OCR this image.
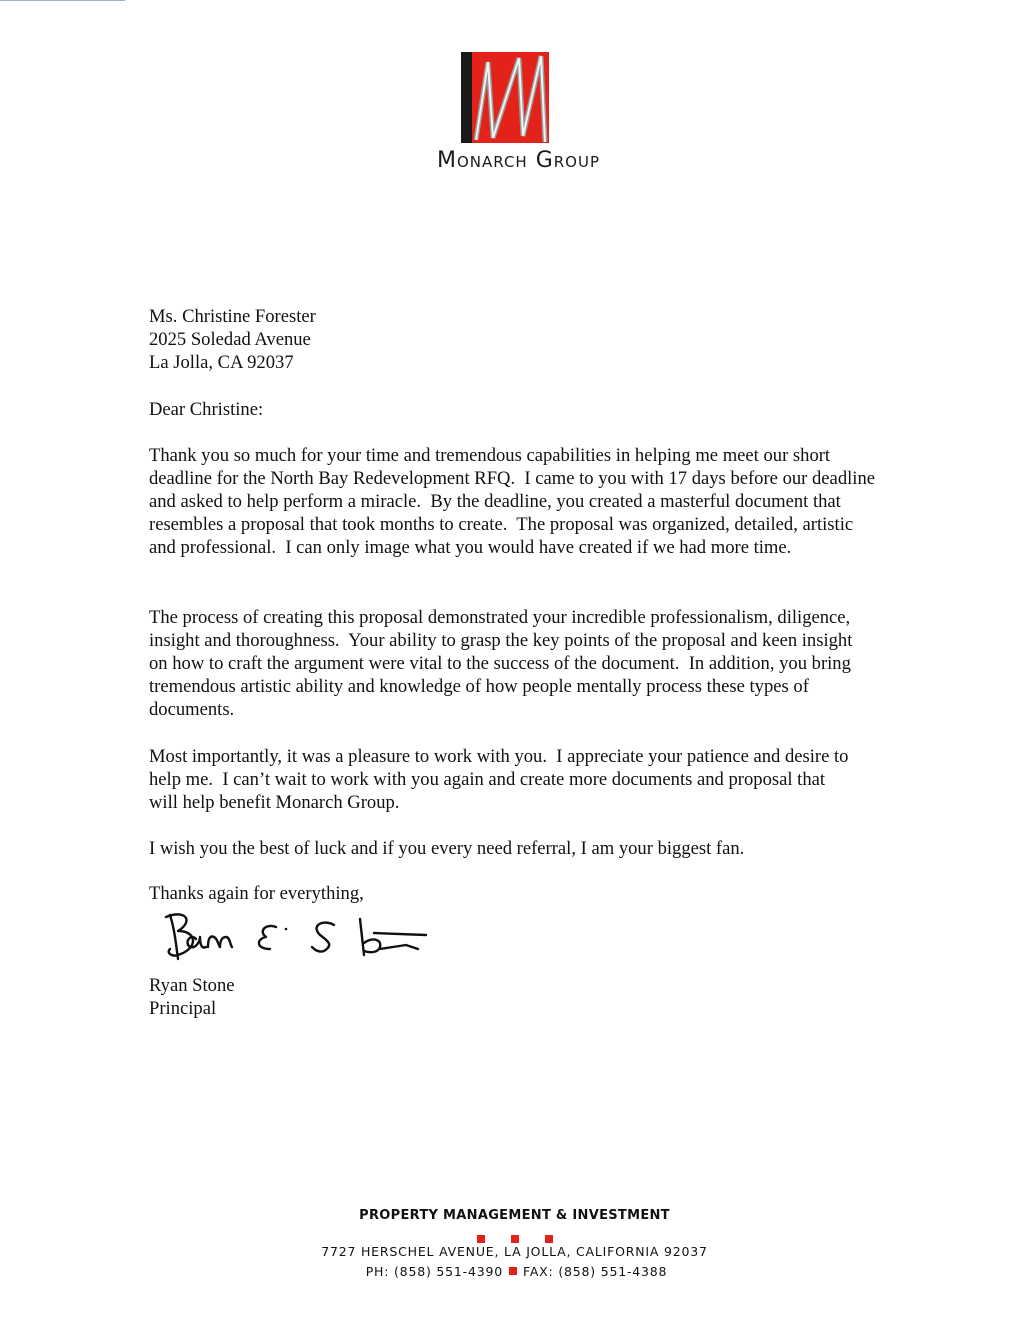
Monarch Group
Ms. Christine Forester
2025 Soledad Avenue
La Jolla, CA 92037
Dear Christine:
Thank you so much for your time and tremendous capabilities in helping me meet our short deadline for the North Bay Redevelopment RFQ.  I came to you with 17 days before our deadline and asked to help perform a miracle.  By the deadline, you created a masterful document that resembles a proposal that took months to create.  The proposal was organized, detailed, artistic and professional.  I can only image what you would have created if we had more time.
The process of creating this proposal demonstrated your incredible professionalism, diligence, insight and thoroughness.  Your ability to grasp the key points of the proposal and keen insight on how to craft the argument were vital to the success of the document.  In addition, you bring tremendous artistic ability and knowledge of how people mentally process these types of documents.
Most importantly, it was a pleasure to work with you.  I appreciate your patience and desire to help me.  I can’t wait to work with you again and create more documents and proposal that will help benefit Monarch Group.
I wish you the best of luck and if you every need referral, I am your biggest fan.
Thanks again for everything,
Ryan Stone
Principal
PROPERTY MANAGEMENT & INVESTMENT
7727 HERSCHEL AVENUE, LA JOLLA, CALIFORNIA 92037
PH: (858) 551-4390 FAX: (858) 551-4388
